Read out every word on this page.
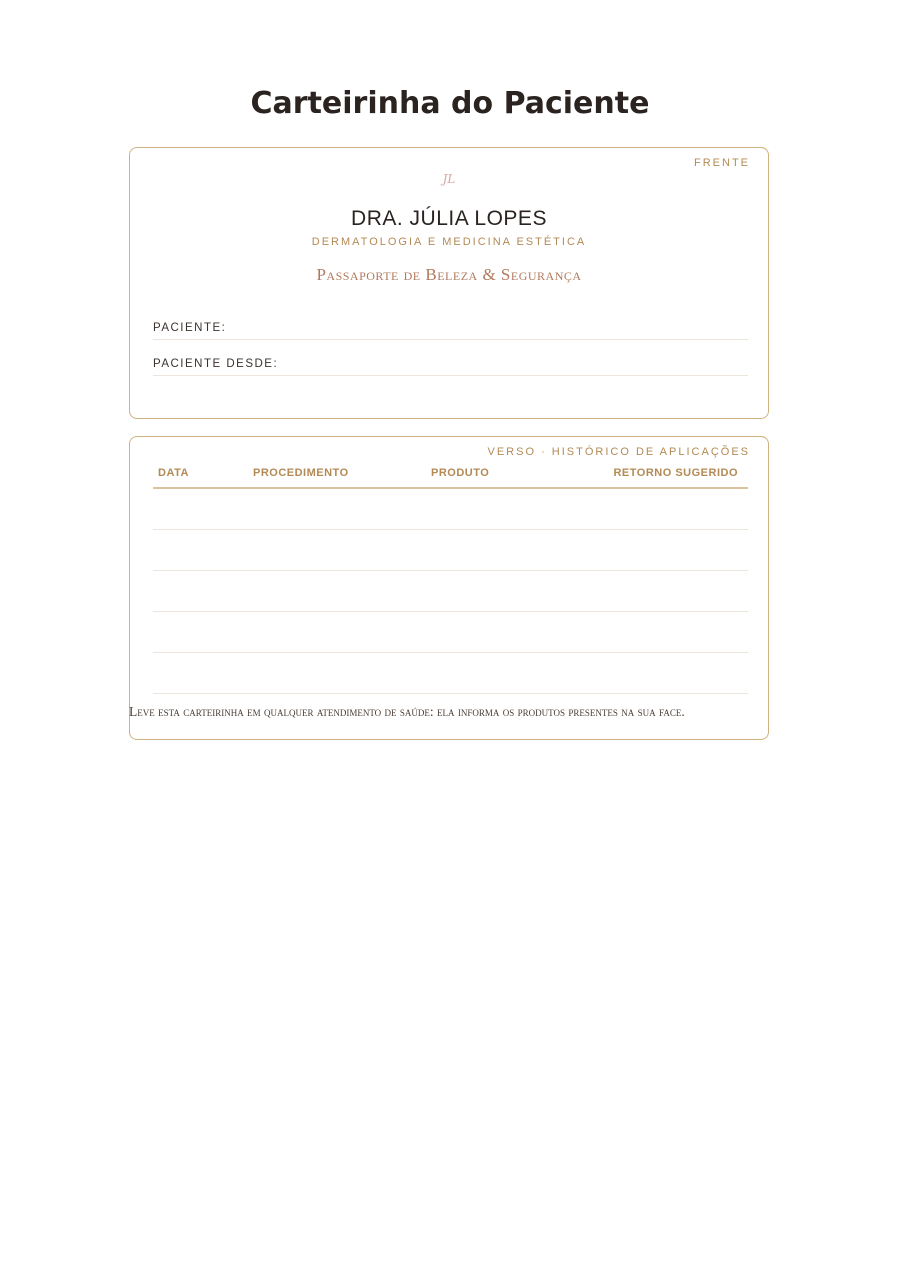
Carteirinha do Paciente
FRENTE
JL
DRA. JÚLIA LOPES
DERMATOLOGIA E MEDICINA ESTÉTICA
Passaporte de Beleza & Segurança
PACIENTE:
PACIENTE DESDE:
VERSO · HISTÓRICO DE APLICAÇÕES
DATA	PROCEDIMENTO	PRODUTO	RETORNO SUGERIDO

Leve esta carteirinha em qualquer atendimento de saúde: ela informa os produtos presentes na sua face.
